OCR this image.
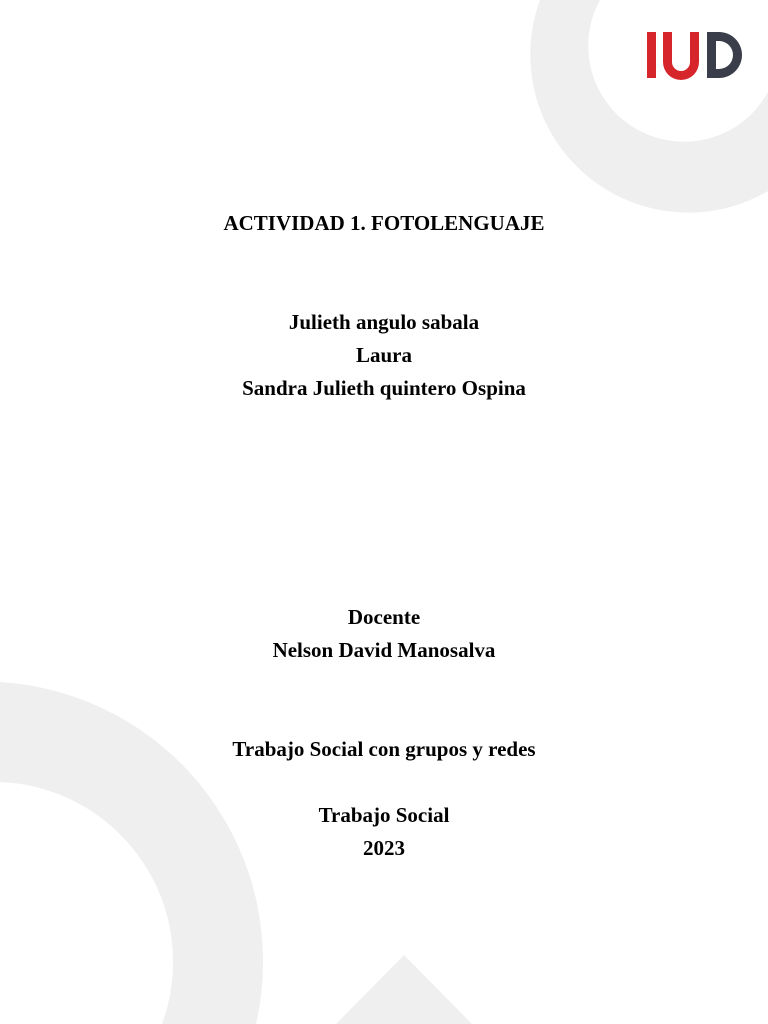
ACTIVIDAD 1. FOTOLENGUAJE
Julieth angulo sabala
Laura
Sandra Julieth quintero Ospina
Docente
Nelson David Manosalva
Trabajo Social con grupos y redes
Trabajo Social
2023
